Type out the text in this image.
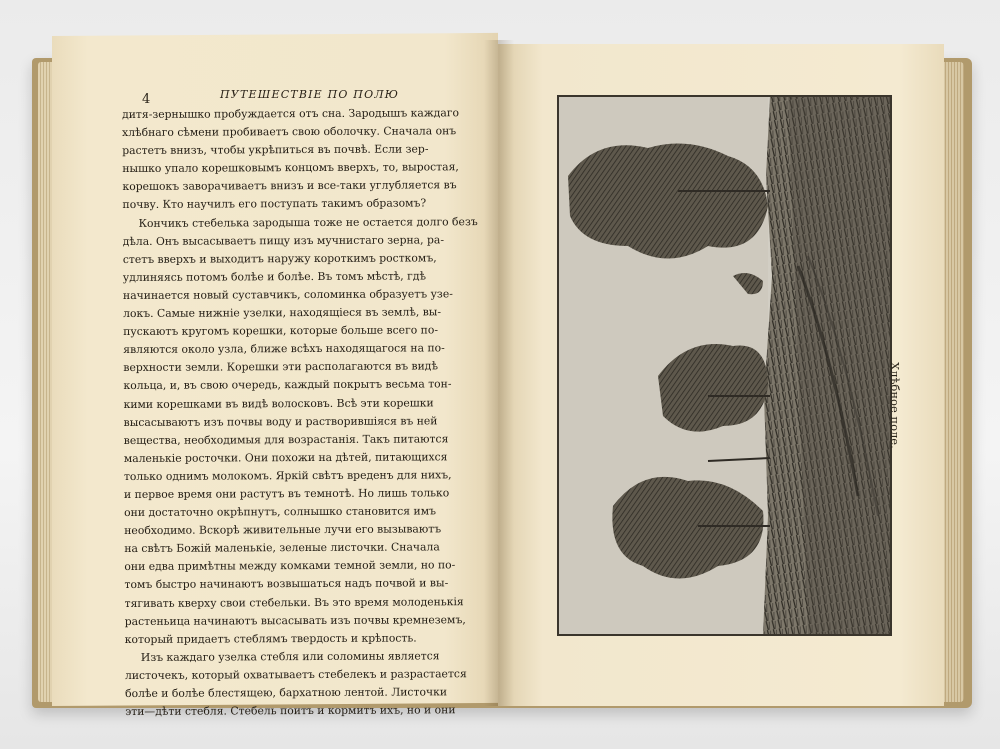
4	ПУТЕШЕСТВІЕ ПО ПОЛЮ
дитя-зернышко пробуждается отъ сна. Зародышъ каждаго
хлѣбнаго сѣмени пробиваетъ свою оболочку. Сначала онъ
растетъ внизъ, чтобы укрѣпиться въ почвѣ. Если зер-
нышко упало корешковымъ концомъ вверхъ, то, выростая,
корешокъ заворачиваетъ внизъ и все-таки углубляется въ
почву. Кто научилъ его поступать такимъ образомъ?
Кончикъ стебелька зародыша тоже не остается долго безъ
дѣла. Онъ высасываетъ пищу изъ мучнистаго зерна, ра-
стетъ вверхъ и выходитъ наружу короткимъ росткомъ,
удлиняясь потомъ болѣе и болѣе. Въ томъ мѣстѣ, гдѣ
начинается новый суставчикъ, соломинка образуетъ узе-
локъ. Самые нижніе узелки, находящіеся въ землѣ, вы-
пускаютъ кругомъ корешки, которые больше всего по-
являются около узла, ближе всѣхъ находящагося на по-
верхности земли. Корешки эти располагаются въ видѣ
кольца, и, въ свою очередь, каждый покрытъ весьма тон-
кими корешками въ видѣ волосковъ. Всѣ эти корешки
высасываютъ изъ почвы воду и растворившіяся въ ней
вещества, необходимыя для возрастанія. Такъ питаются
маленькіе росточки. Они похожи на дѣтей, питающихся
только однимъ молокомъ. Яркій свѣтъ вреденъ для нихъ,
и первое время они растутъ въ темнотѣ. Но лишь только
они достаточно окрѣпнутъ, солнышко становится имъ
необходимо. Вскорѣ живительные лучи его вызываютъ
на свѣтъ Божій маленькіе, зеленые листочки. Сначала
они едва примѣтны между комками темной земли, но по-
томъ быстро начинаютъ возвышаться надъ почвой и вы-
тягивать кверху свои стебельки. Въ это время молоденькія
растеньица начинаютъ высасывать изъ почвы кремнеземъ,
который придаетъ стеблямъ твердость и крѣпость.
Изъ каждаго узелка стебля или соломины является
листочекъ, который охватываетъ стебелекъ и разрастается
болѣе и болѣе блестящею, бархатною лентой. Листочки
эти—дѣти стебля. Стебель поитъ и кормитъ ихъ, но и они
Хлѣбное поле.
